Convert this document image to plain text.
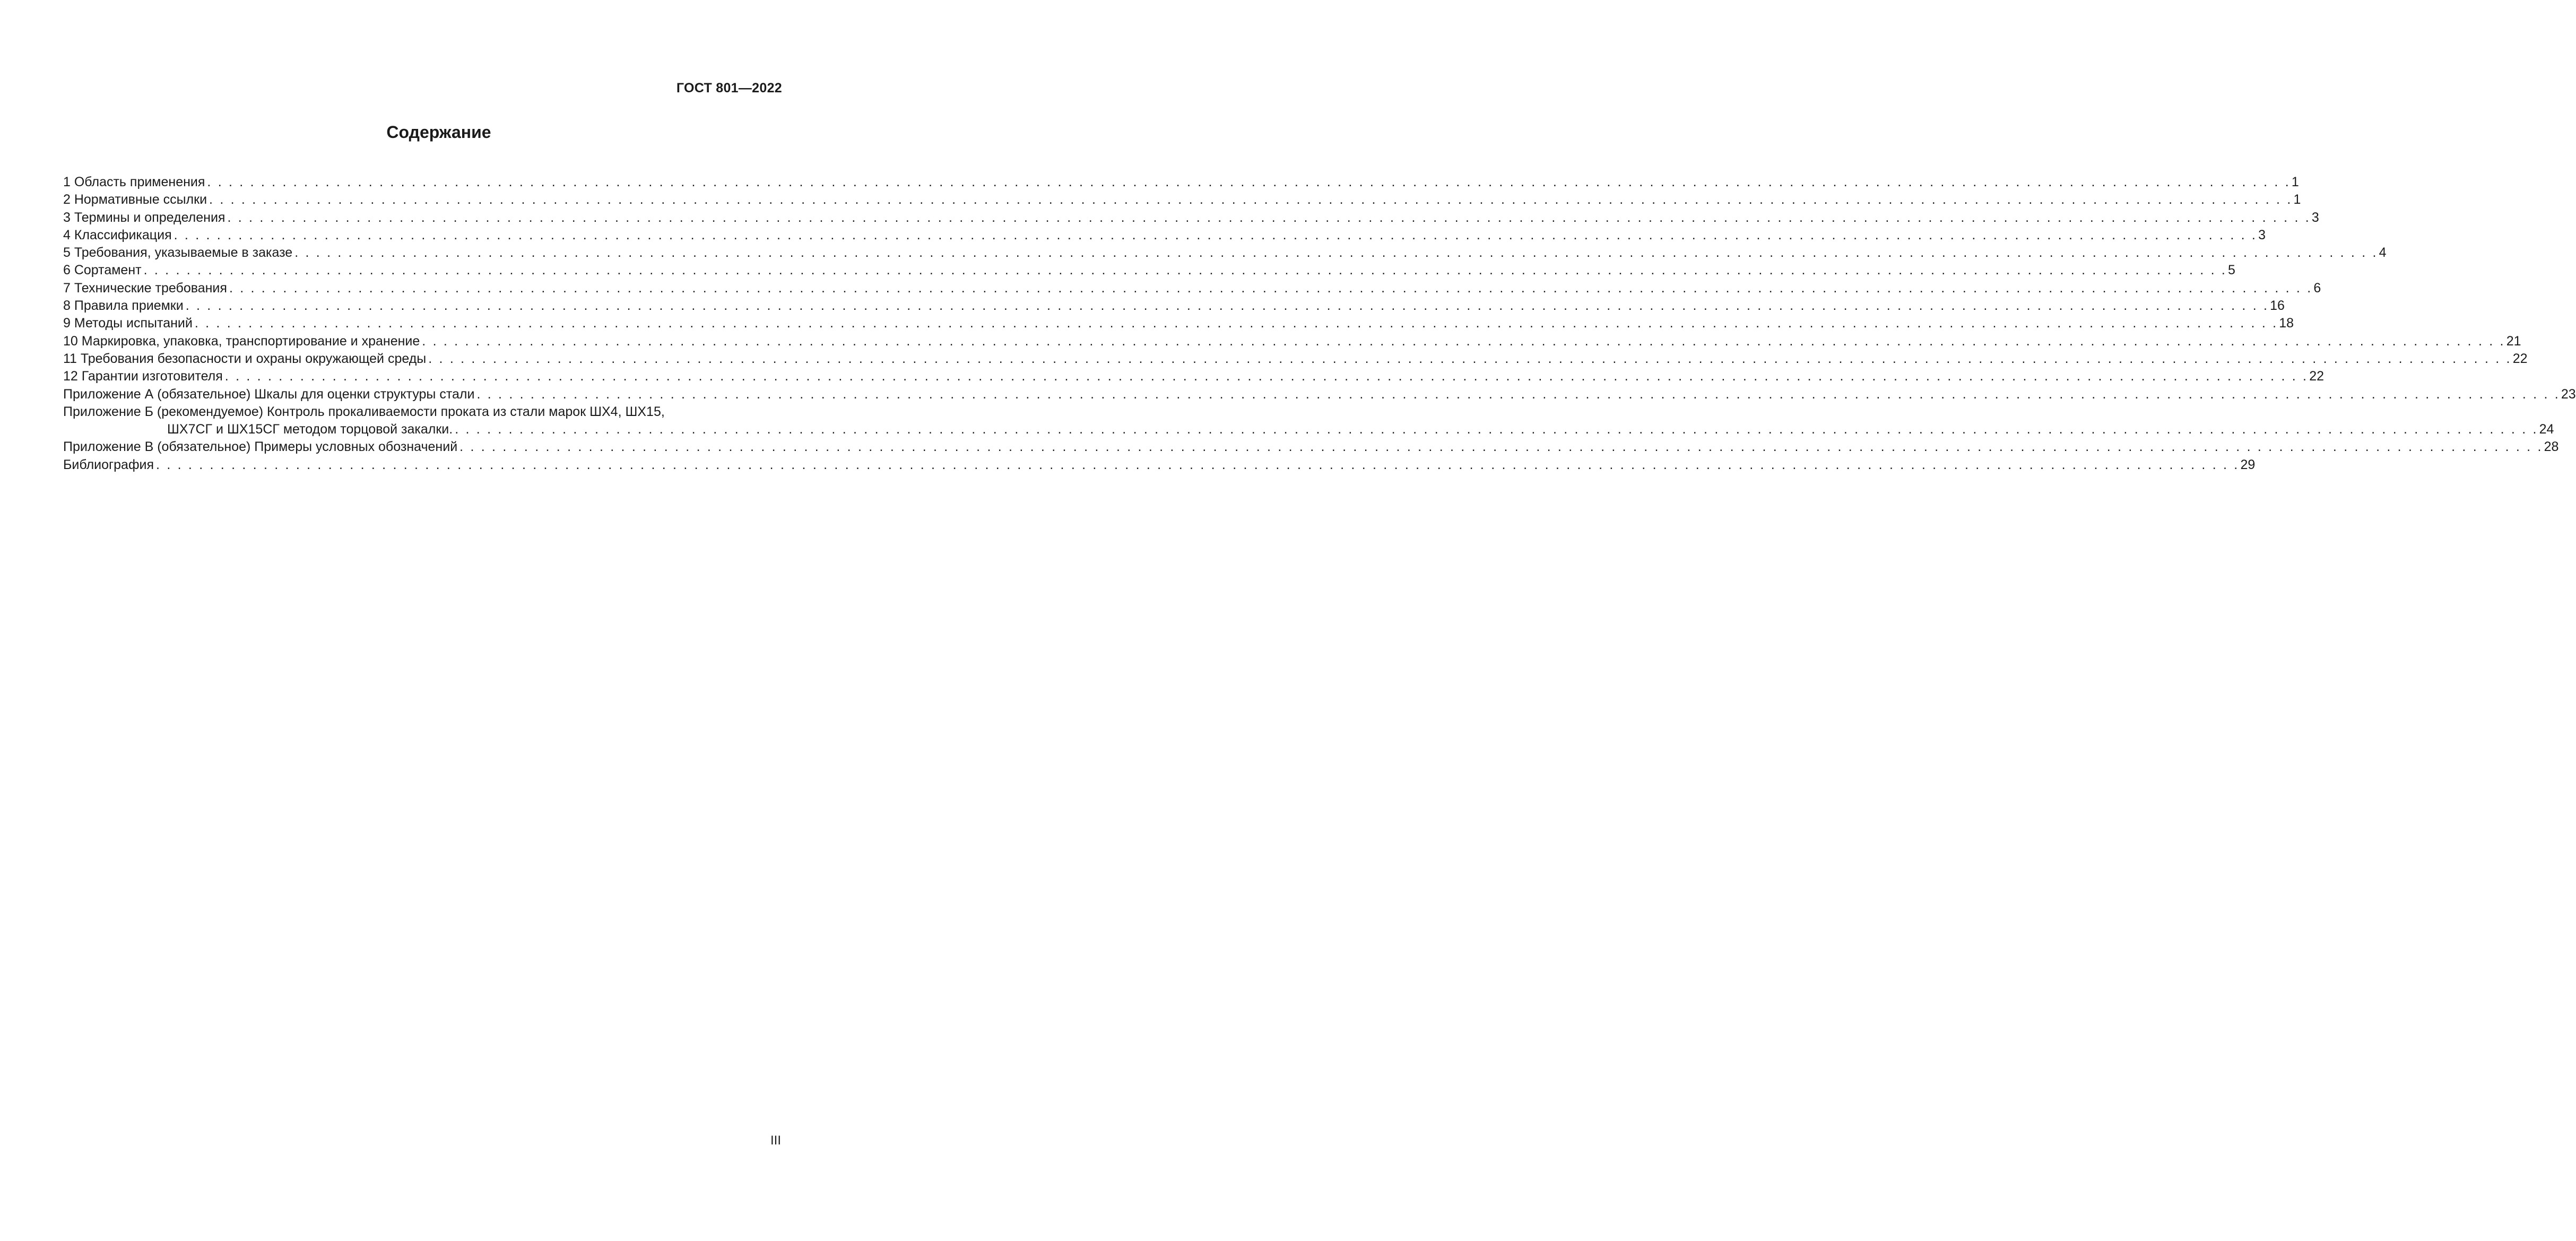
ГОСТ 801—2022
Содержание
1 Область применения . . .	1
2 Нормативные ссылки . . .	1
3 Термины и определения . . .	3
4 Классификация . . .	3
5 Требования, указываемые в заказе . . .	4
6 Сортамент . . .	5
7 Технические требования . . .	6
8 Правила приемки . . .	16
9 Методы испытаний . . .	18
10 Маркировка, упаковка, транспортирование и хранение . . .	21
11 Требования безопасности и охраны окружающей среды . . .	22
12 Гарантии изготовителя . . .	22
Приложение А (обязательное) Шкалы для оценки структуры стали . . .	23
Приложение Б (рекомендуемое) Контроль прокаливаемости проката из стали марок ШХ4, ШХ15,
ШХ7СГ и ШХ15СГ методом торцовой закалки. . . .	24
Приложение В (обязательное) Примеры условных обозначений . . .	28
Библиография . . .	29
III
